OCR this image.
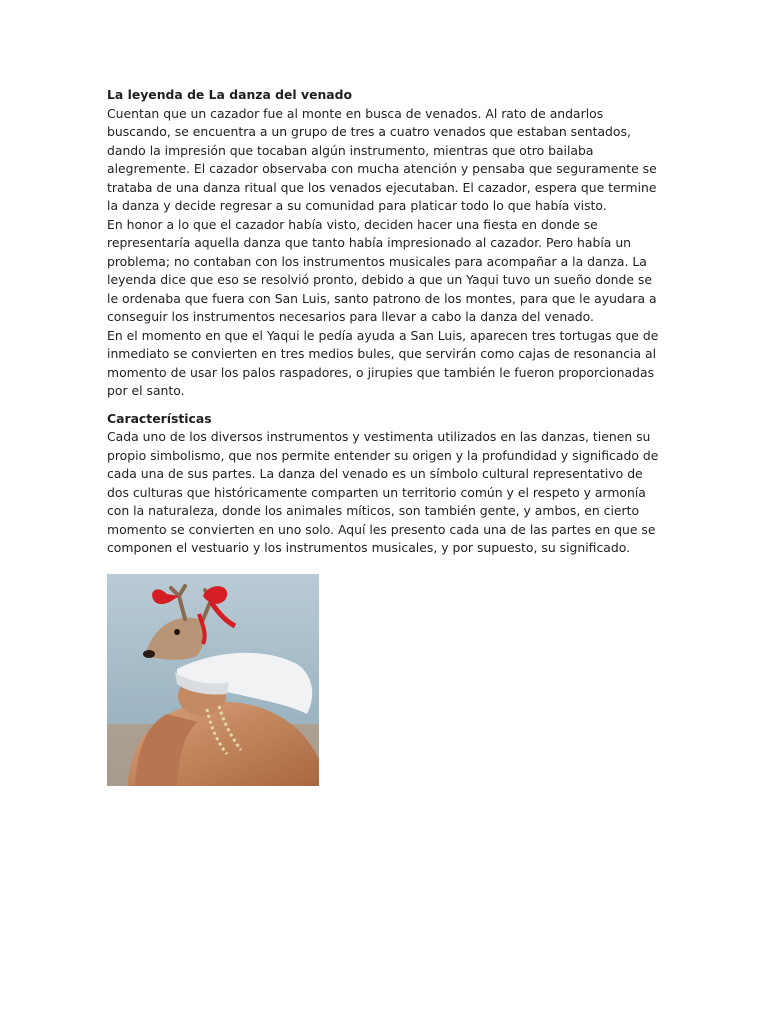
La leyenda de La danza del venado

Cuentan que un cazador fue al monte en busca de venados. Al rato de andarlos

buscando, se encuentra a un grupo de tres a cuatro venados que estaban sentados,

dando la impresión que tocaban algún instrumento, mientras que otro bailaba

alegremente. El cazador observaba con mucha atención y pensaba que seguramente se

trataba de una danza ritual que los venados ejecutaban. El cazador, espera que termine

la danza y decide regresar a su comunidad para platicar todo lo que había visto.

En honor a lo que el cazador había visto, deciden hacer una fiesta en donde se

representaría aquella danza que tanto había impresionado al cazador. Pero había un

problema; no contaban con los instrumentos musicales para acompañar a la danza. La

leyenda dice que eso se resolvió pronto, debido a que un Yaqui tuvo un sueño donde se

le ordenaba que fuera con San Luis, santo patrono de los montes, para que le ayudara a

conseguir los instrumentos necesarios para llevar a cabo la danza del venado.

En el momento en que el Yaqui le pedía ayuda a San Luis, aparecen tres tortugas que de

inmediato se convierten en tres medios bules, que servirán como cajas de resonancia al

momento de usar los palos raspadores, o jirupies que también le fueron proporcionadas

por el santo.

Características

Cada uno de los diversos instrumentos y vestimenta utilizados en las danzas, tienen su

propio simbolismo, que nos permite entender su origen y la profundidad y significado de

cada una de sus partes. La danza del venado es un símbolo cultural representativo de

dos culturas que históricamente comparten un territorio común y el respeto y armonía

con la naturaleza, donde los animales míticos, son también gente, y ambos, en cierto

momento se convierten en uno solo. Aquí les presento cada una de las partes en que se

componen el vestuario y los instrumentos musicales, y por supuesto, su significado.
